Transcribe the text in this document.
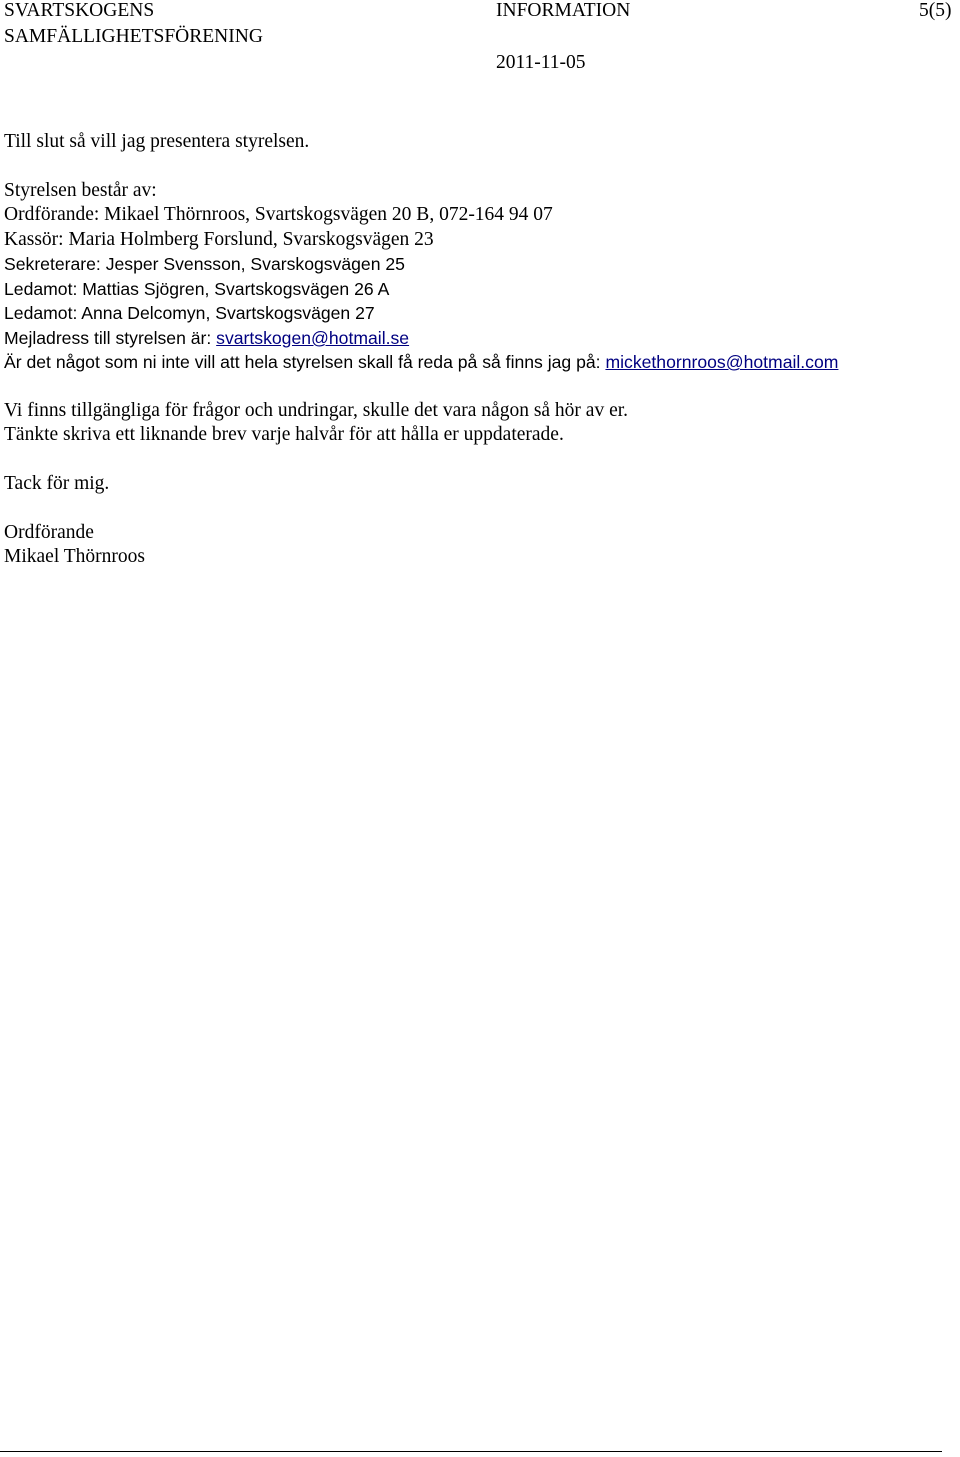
SVARTSKOGENS
SAMFÄLLIGHETSFÖRENING
INFORMATION	5(5)
2011-11-05
Till slut så vill jag presentera styrelsen.
Styrelsen består av:
Ordförande: Mikael Thörnroos, Svartskogsvägen 20 B, 072-164 94 07
Kassör: Maria Holmberg Forslund, Svarskogsvägen 23
Sekreterare: Jesper Svensson, Svarskogsvägen 25
Ledamot: Mattias Sjögren, Svartskogsvägen 26 A
Ledamot: Anna Delcomyn, Svartskogsvägen 27
Mejladress till styrelsen är: svartskogen@hotmail.se
Är det något som ni inte vill att hela styrelsen skall få reda på så finns jag på: mickethornroos@hotmail.com
Vi finns tillgängliga för frågor och undringar, skulle det vara någon så hör av er.
Tänkte skriva ett liknande brev varje halvår för att hålla er uppdaterade.
Tack för mig.
Ordförande
Mikael Thörnroos
